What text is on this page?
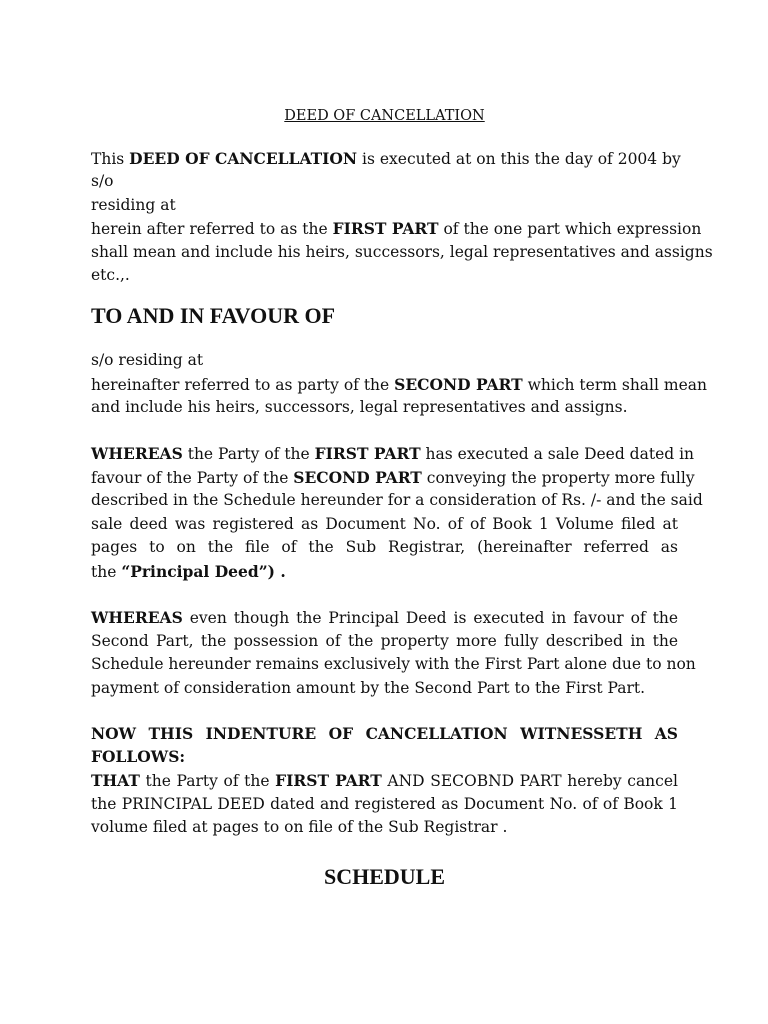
DEED OF CANCELLATION
This DEED OF CANCELLATION is executed at on this the day of 2004 by
s/o
residing at
herein after referred to as the FIRST PART of the one part which expression
shall mean and include his heirs, successors, legal representatives and assigns
etc.,.
TO AND IN FAVOUR OF
s/o residing at
hereinafter referred to as party of the SECOND PART which term shall mean
and include his heirs, successors, legal representatives and assigns.
WHEREAS the Party of the FIRST PART has executed a sale Deed dated in
favour of the Party of the SECOND PART conveying the property more fully
described in the Schedule hereunder for a consideration of Rs. /- and the said
sale deed was registered as Document No. of of Book 1 Volume filed at
pages to on the file of the Sub Registrar, (hereinafter referred as
the “Principal Deed”) .
WHEREAS even though the Principal Deed is executed in favour of the
Second Part, the possession of the property more fully described in the
Schedule hereunder remains exclusively with the First Part alone due to non
payment of consideration amount by the Second Part to the First Part.
NOW THIS INDENTURE OF CANCELLATION WITNESSETH AS
FOLLOWS:
THAT the Party of the FIRST PART AND SECOBND PART hereby cancel
the PRINCIPAL DEED dated and registered as Document No. of of Book 1
volume filed at pages to on file of the Sub Registrar .
SCHEDULE
